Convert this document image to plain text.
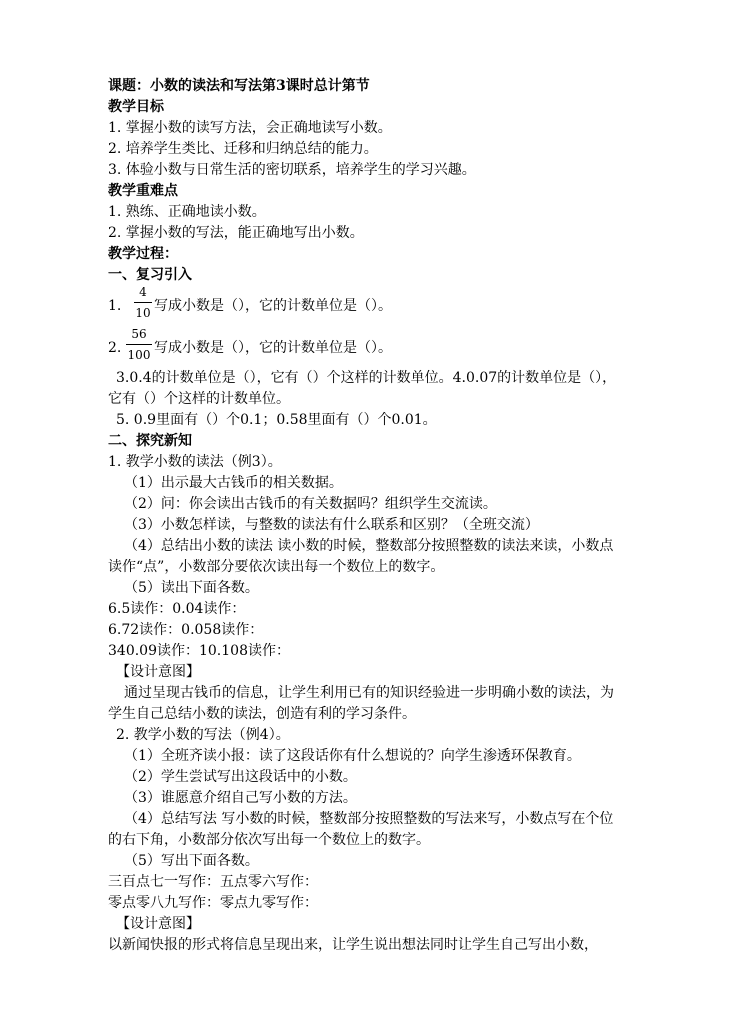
课题：小数的读法和写法第3课时总计第节
教学目标
1. 掌握小数的读写方法，会正确地读写小数。
2. 培养学生类比、迁移和归纳总结的能力。
3. 体验小数与日常生活的密切联系，培养学生的学习兴趣。
教学重难点
1. 熟练、正确地读小数。
2. 掌握小数的写法，能正确地写出小数。
教学过程：
一、复习引入
1.
4
10 写成小数是（），它的计数单位是（）。
2.
56
100 写成小数是（），它的计数单位是（）。
3.0.4的计数单位是（），它有（）个这样的计数单位。4.0.07的计数单位是（），
它有（）个这样的计数单位。
5. 0.9里面有（）个0.1；0.58里面有（）个0.01。
二、探究新知
1. 教学小数的读法（例3）。
（1）出示最大古钱币的相关数据。
（2）问：你会读出古钱币的有关数据吗？组织学生交流读。
（3）小数怎样读，与整数的读法有什么联系和区别？（全班交流）
（4）总结出小数的读法 读小数的时候，整数部分按照整数的读法来读，小数点
读作“点”，小数部分要依次读出每一个数位上的数字。
（5）读出下面各数。
6.5读作：0.04读作：
6.72读作：0.058读作：
340.09读作：10.108读作：
【设计意图】
通过呈现古钱币的信息，让学生利用已有的知识经验进一步明确小数的读法，为
学生自己总结小数的读法，创造有利的学习条件。
2. 教学小数的写法（例4）。
（1）全班齐读小报：读了这段话你有什么想说的？向学生渗透环保教育。
（2）学生尝试写出这段话中的小数。
（3）谁愿意介绍自己写小数的方法。
（4）总结写法 写小数的时候，整数部分按照整数的写法来写，小数点写在个位
的右下角，小数部分依次写出每一个数位上的数字。
（5）写出下面各数。
三百点七一写作：五点零六写作：
零点零八九写作：零点九零写作：
【设计意图】
以新闻快报的形式将信息呈现出来，让学生说出想法同时让学生自己写出小数，
